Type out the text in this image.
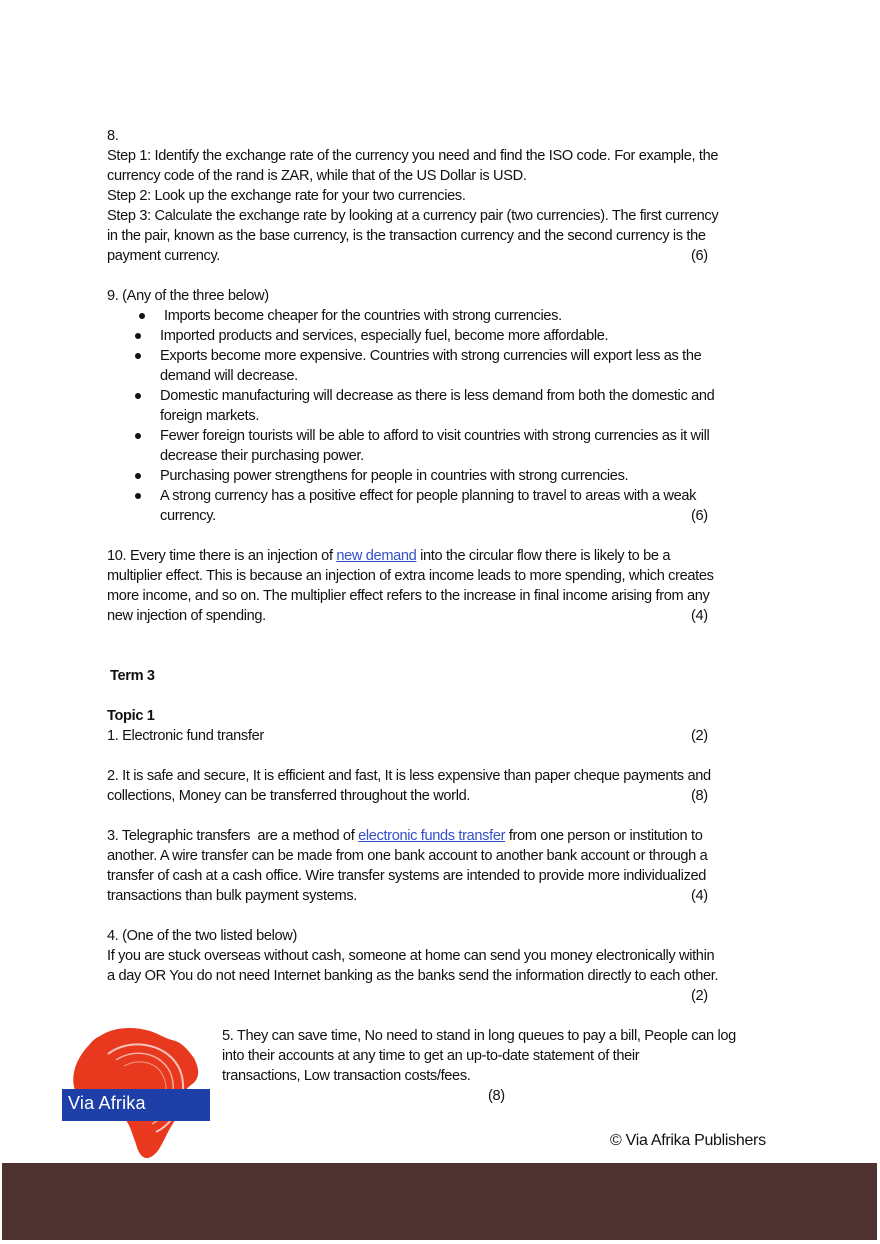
8.
Step 1: Identify the exchange rate of the currency you need and find the ISO code. For example, the
currency code of the rand is ZAR, while that of the US Dollar is USD.
Step 2: Look up the exchange rate for your two currencies.
Step 3: Calculate the exchange rate by looking at a currency pair (two currencies). The first currency
in the pair, known as the base currency, is the transaction currency and the second currency is the
payment currency.	(6)
9. (Any of the three below)
Imports become cheaper for the countries with strong currencies.
Imported products and services, especially fuel, become more affordable.
Exports become more expensive. Countries with strong currencies will export less as the
demand will decrease.
Domestic manufacturing will decrease as there is less demand from both the domestic and
foreign markets.
Fewer foreign tourists will be able to afford to visit countries with strong currencies as it will
decrease their purchasing power.
Purchasing power strengthens for people in countries with strong currencies.
A strong currency has a positive effect for people planning to travel to areas with a weak
currency.	(6)
10. Every time there is an injection of new demand into the circular flow there is likely to be a
multiplier effect. This is because an injection of extra income leads to more spending, which creates
more income, and so on. The multiplier effect refers to the increase in final income arising from any
new injection of spending.	(4)
Term 3
Topic 1
1. Electronic fund transfer	(2)
2. It is safe and secure, It is efficient and fast, It is less expensive than paper cheque payments and
collections, Money can be transferred throughout the world.	(8)
3. Telegraphic transfers  are a method of electronic funds transfer from one person or institution to
another. A wire transfer can be made from one bank account to another bank account or through a
transfer of cash at a cash office. Wire transfer systems are intended to provide more individualized
transactions than bulk payment systems.	(4)
4. (One of the two listed below)
If you are stuck overseas without cash, someone at home can send you money electronically within
a day OR You do not need Internet banking as the banks send the information directly to each other.
(2)
Via Afrika
5. They can save time, No need to stand in long queues to pay a bill, People can log
into their accounts at any time to get an up-to-date statement of their
transactions, Low transaction costs/fees.
(8)
© Via Afrika Publishers
